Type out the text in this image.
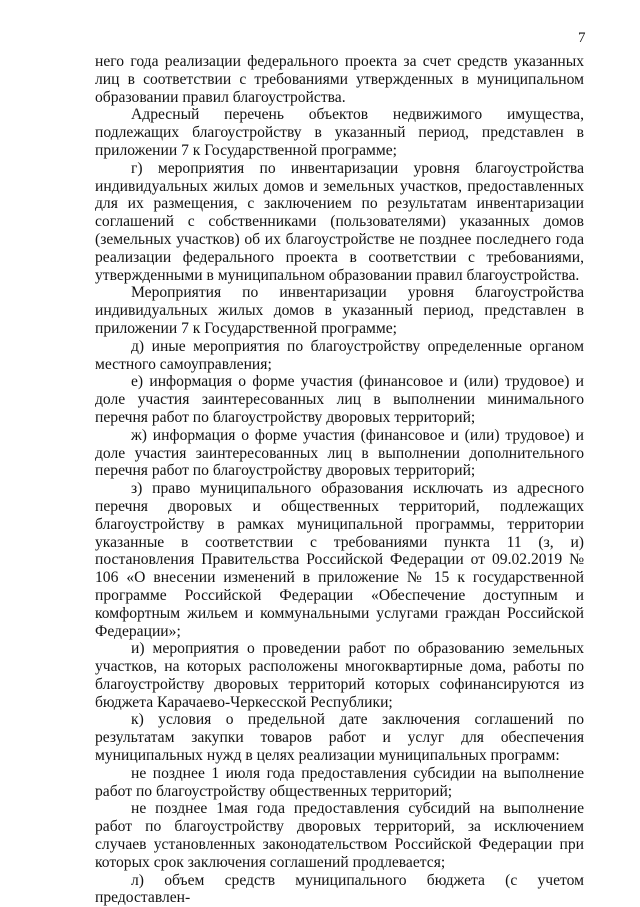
7

него года реализации федерального проекта за счет средств указанных лиц в соответствии с требованиями утвержденных в муниципальном образовании правил благоустройства.

Адресный перечень объектов недвижимого имущества, подлежащих благоустройству в указанный период, представлен в приложении 7 к Государственной программе;

г) мероприятия по инвентаризации уровня благоустройства индивидуальных жилых домов и земельных участков, предоставленных для их размещения, с заключением по результатам инвентаризации соглашений с собственниками (пользователями) указанных домов (земельных участков) об их благоустройстве не позднее последнего года реализации федерального проекта в соответствии с требованиями, утвержденными в муниципальном образовании правил благоустройства.

Мероприятия по инвентаризации уровня благоустройства индивидуальных жилых домов в указанный период, представлен в приложении 7 к Государственной программе;

д) иные мероприятия по благоустройству определенные органом местного самоуправления;

е) информация о форме участия (финансовое и (или) трудовое) и доле участия заинтересованных лиц в выполнении минимального перечня работ по благоустройству дворовых территорий;

ж) информация о форме участия (финансовое и (или) трудовое) и доле участия заинтересованных лиц в выполнении дополнительного перечня работ по благоустройству дворовых территорий;

з) право муниципального образования исключать из адресного перечня дворовых и общественных территорий, подлежащих благоустройству в рамках муниципальной программы, территории указанные в соответствии с требованиями пункта 11 (з, и) постановления Правительства Российской Федерации от 09.02.2019 № 106 «О внесении изменений в приложение № 15 к государственной программе Российской Федерации «Обеспечение доступным и комфортным жильем и коммунальными услугами граждан Российской Федерации»;

и) мероприятия о проведении работ по образованию земельных участков, на которых расположены многоквартирные дома, работы по благоустройству дворовых территорий которых софинансируются из бюджета Карачаево-Черкесской Республики;

к) условия о предельной дате заключения соглашений по результатам закупки товаров работ и услуг для обеспечения муниципальных нужд в целях реализации муниципальных программ:

не позднее 1 июля года предоставления субсидии на выполнение работ по благоустройству общественных территорий;

не позднее 1мая года предоставления субсидий на выполнение работ по благоустройству дворовых территорий, за исключением случаев установленных законодательством Российской Федерации при которых срок заключения соглашений продлевается;

л) объем средств муниципального бюджета (с учетом предоставлен-
